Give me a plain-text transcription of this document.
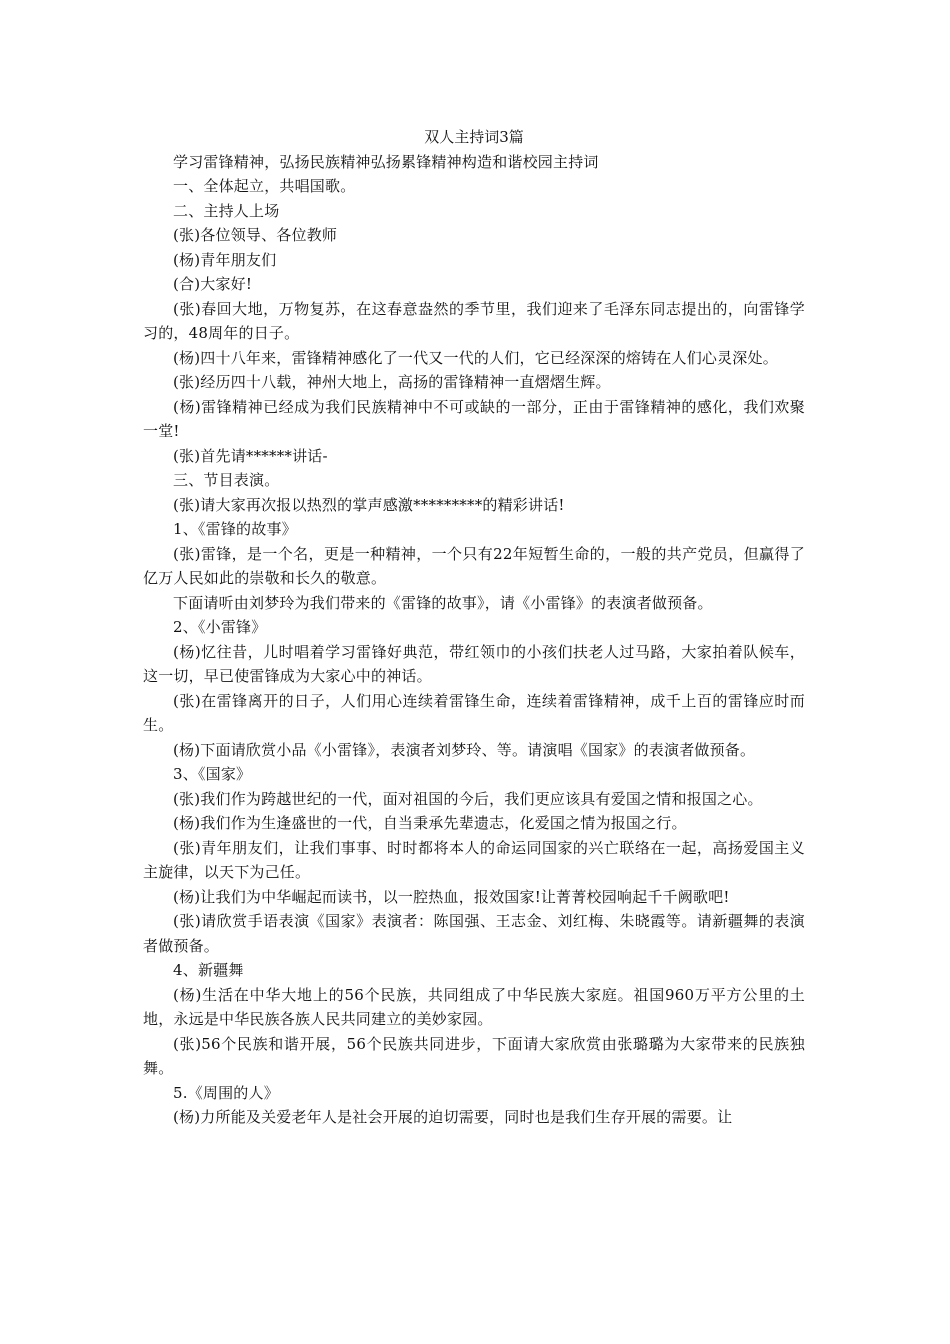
双人主持词3篇

学习雷锋精神，弘扬民族精神弘扬累锋精神构造和谐校园主持词

一、全体起立，共唱国歌。

二、主持人上场

(张)各位领导、各位教师

(杨)青年朋友们

(合)大家好!

(张)春回大地，万物复苏，在这春意盎然的季节里，我们迎来了毛泽东同志提出的，向雷锋学习的，48周年的日子。

(杨)四十八年来，雷锋精神感化了一代又一代的人们，它已经深深的熔铸在人们心灵深处。

(张)经历四十八载，神州大地上，高扬的雷锋精神一直熠熠生辉。

(杨)雷锋精神已经成为我们民族精神中不可或缺的一部分，正由于雷锋精神的感化，我们欢聚一堂!

(张)首先请******讲话-

三、节目表演。

(张)请大家再次报以热烈的掌声感激*********的精彩讲话!

1、《雷锋的故事》

(张)雷锋，是一个名，更是一种精神，一个只有22年短暂生命的，一般的共产党员，但赢得了亿万人民如此的崇敬和长久的敬意。

下面请听由刘梦玲为我们带来的《雷锋的故事》，请《小雷锋》的表演者做预备。

2、《小雷锋》

(杨)忆往昔，儿时唱着学习雷锋好典范，带红领巾的小孩们扶老人过马路，大家拍着队候车，这一切，早已使雷锋成为大家心中的神话。

(张)在雷锋离开的日子，人们用心连续着雷锋生命，连续着雷锋精神，成千上百的雷锋应时而生。

(杨)下面请欣赏小品《小雷锋》，表演者刘梦玲、等。请演唱《国家》的表演者做预备。

3、《国家》

(张)我们作为跨越世纪的一代，面对祖国的今后，我们更应该具有爱国之情和报国之心。

(杨)我们作为生逢盛世的一代，自当秉承先辈遗志，化爱国之情为报国之行。

(张)青年朋友们，让我们事事、时时都将本人的命运同国家的兴亡联络在一起，高扬爱国主义主旋律，以天下为己任。

(杨)让我们为中华崛起而读书，以一腔热血，报效国家!让菁菁校园响起千千阙歌吧!

(张)请欣赏手语表演《国家》表演者：陈国强、王志金、刘红梅、朱晓霞等。请新疆舞的表演者做预备。

4、新疆舞

(杨)生活在中华大地上的56个民族，共同组成了中华民族大家庭。祖国960万平方公里的土地，永远是中华民族各族人民共同建立的美妙家园。

(张)56个民族和谐开展，56个民族共同进步，下面请大家欣赏由张璐璐为大家带来的民族独舞。

5.《周围的人》

(杨)力所能及关爱老年人是社会开展的迫切需要，同时也是我们生存开展的需要。让
